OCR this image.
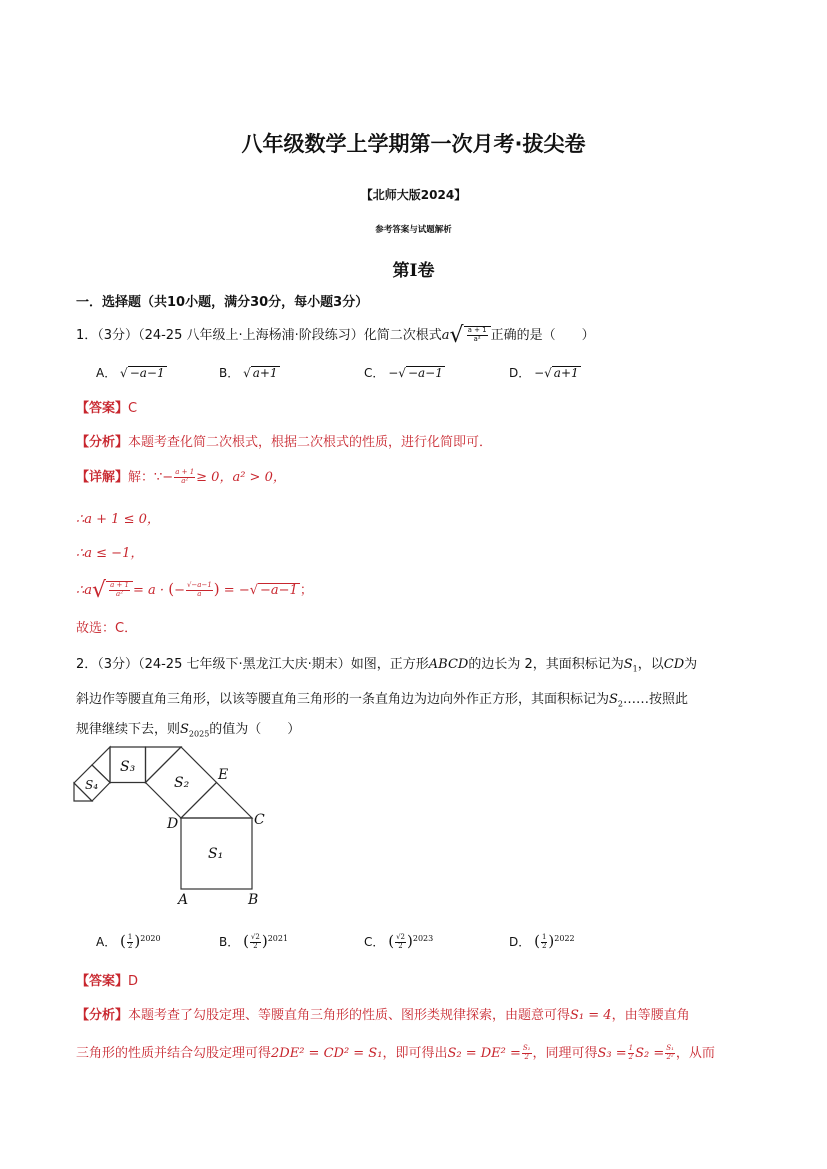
八年级数学上学期第一次月考·拔尖卷
【北师大版2024】
参考答案与试题解析
第I卷
一．选择题（共10小题，满分30分，每小题3分）
1．（3分）（24-25 八年级上·上海杨浦·阶段练习）化简二次根式$a√ \frac{a + 1}{\text{a²}}$ 正确的是（　　）
A． √ −a−1	B． √ a+1	C． −√ −a−1	D． −√ a+1
【答案】C
【分析】本题考查化简二次根式，根据二次根式的性质，进行化简即可．
【详解】解：∵− $\frac{a + 1}{\text{a²}} \ge 0$，a² > 0，
∴a + 1 ≤ 0，
∴a ≤ −1，
∴a√ $\frac{a + 1}{\text{a²}} = a$ · (− $\frac{√-a-1}{a}$ ) = −√ −a−1 ；
故选：C．
2．（3分）（24-25 七年级下·黑龙江大庆·期末）如图，正方形ABCD的边长为 2，其面积标记为$S_1$，以CD为
斜边作等腰直角三角形，以该等腰直角三角形的一条直角边为边向外作正方形，其面积标记为$S_2\dots\dots$按照此
规律继续下去，则$S_{2025}$的值为（　　）
A	B
C
D
E
S₁
S₂
S₃
S₄
A． ( $\frac{1}{2} )^{2020}$	B． ( $\frac{√2}{2} )^{2021}$	C． ( $\frac{√2}{2} )^{2023}$	D． ( $\frac{1}{2} )^{2022}$
【答案】D
【分析】本题考查了勾股定理、等腰直角三角形的性质、图形类规律探索，由题意可得S₁ = 4，由等腰直角
三角形的性质并结合勾股定理可得2DE² = CD² = S₁，即可得出$S_2 = DE^2 = \frac{\text{S₁}}{2}$ ，同理可得$S_3 = \frac{1}{2} S_2 = \frac{\text{S₁}}{\text{2²}}$ ，从而
